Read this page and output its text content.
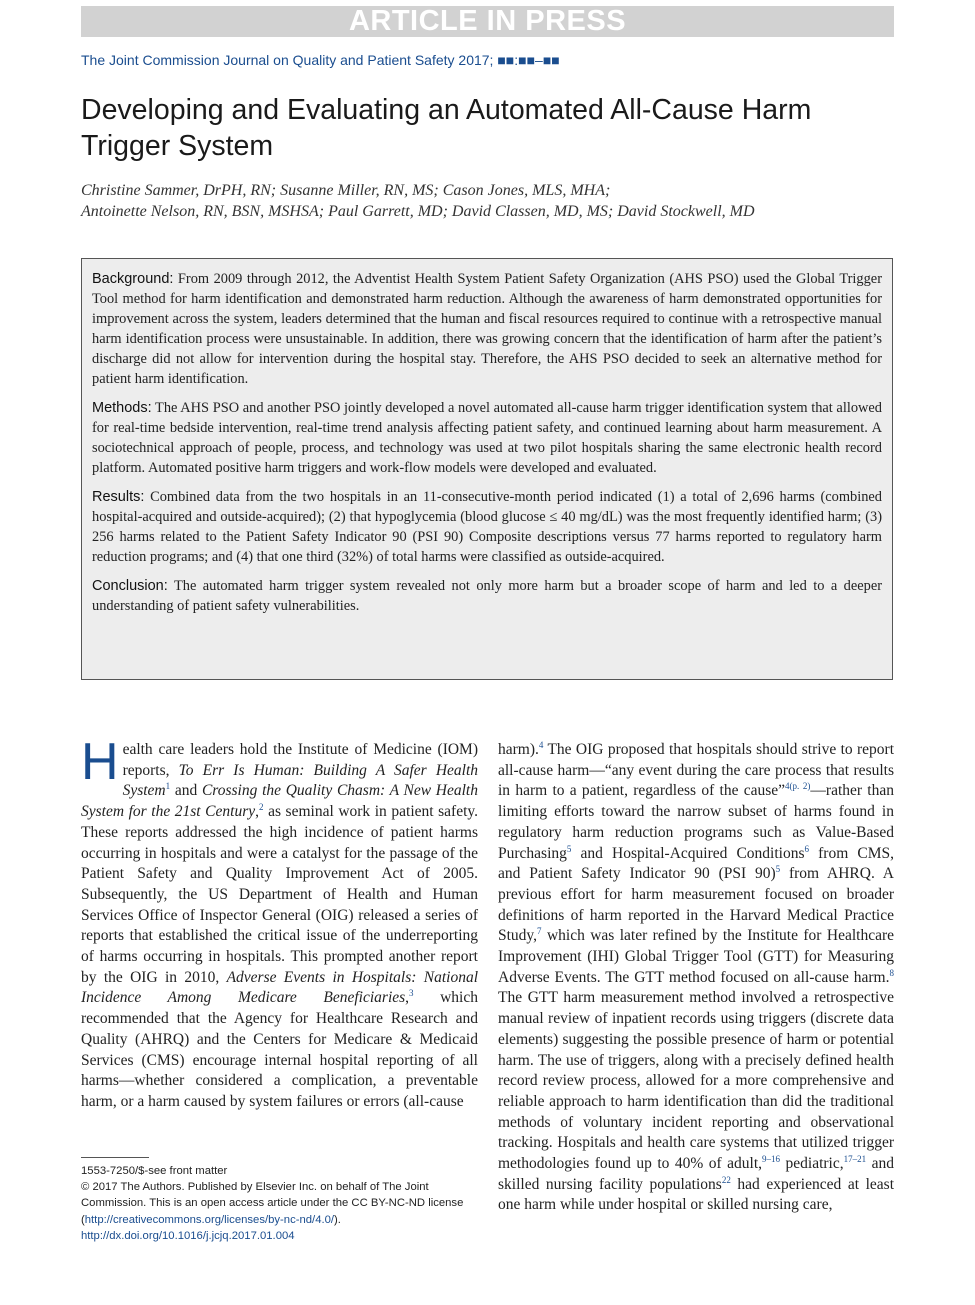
ARTICLE IN PRESS
The Joint Commission Journal on Quality and Patient Safety 2017; ■■:■■–■■
Developing and Evaluating an Automated All-Cause Harm Trigger System
Christine Sammer, DrPH, RN; Susanne Miller, RN, MS; Cason Jones, MLS, MHA;
Antoinette Nelson, RN, BSN, MSHSA; Paul Garrett, MD; David Classen, MD, MS; David Stockwell, MD

Background: From 2009 through 2012, the Adventist Health System Patient Safety Organization (AHS PSO) used the Global Trigger Tool method for harm identification and demonstrated harm reduction. Although the awareness of harm demonstrated opportunities for improvement across the system, leaders determined that the human and fiscal resources required to continue with a retrospective manual harm identification process were unsustainable. In addition, there was growing concern that the identification of harm after the patient’s discharge did not allow for intervention during the hospital stay. Therefore, the AHS PSO decided to seek an alternative method for patient harm identification.

Methods: The AHS PSO and another PSO jointly developed a novel automated all-cause harm trigger identification system that allowed for real-time bedside intervention, real-time trend analysis affecting patient safety, and continued learning about harm measurement. A sociotechnical approach of people, process, and technology was used at two pilot hospitals sharing the same electronic health record platform. Automated positive harm triggers and work-flow models were developed and evaluated.

Results: Combined data from the two hospitals in an 11-consecutive-month period indicated (1) a total of 2,696 harms (combined hospital-acquired and outside-acquired); (2) that hypoglycemia (blood glucose ≤ 40 mg/dL) was the most frequently identified harm; (3) 256 harms related to the Patient Safety Indicator 90 (PSI 90) Composite descriptions versus 77 harms reported to regulatory harm reduction programs; and (4) that one third (32%) of total harms were classified as outside-acquired.

Conclusion: The automated harm trigger system revealed not only more harm but a broader scope of harm and led to a deeper understanding of patient safety vulnerabilities.

Health care leaders hold the Institute of Medicine (IOM) reports, To Err Is Human: Building A Safer Health System$^1$ and Crossing the Quality Chasm: A New Health System for the 21st Century,$^2$ as seminal work in patient safety. These reports addressed the high incidence of patient harms occurring in hospitals and were a catalyst for the passage of the Patient Safety and Quality Improvement Act of 2005. Subsequently, the US Department of Health and Human Services Office of Inspector General (OIG) released a series of reports that established the critical issue of the underreporting of harms occurring in hospitals. This prompted another report by the OIG in 2010, Adverse Events in Hospitals: National Incidence Among Medicare Beneficiaries,$^3$ which recommended that the Agency for Healthcare Research and Quality (AHRQ) and the Centers for Medicare & Medicaid Services (CMS) encourage internal hospital reporting of all harms—whether considered a complication, a preventable harm, or a harm caused by system failures or errors (all-cause

harm).$^4$ The OIG proposed that hospitals should strive to report all-cause harm—“any event during the care process that results in harm to a patient, regardless of the cause”$^{4(p. 2)}$—rather than limiting efforts toward the narrow subset of harms found in regulatory harm reduction programs such as Value-Based Purchasing$^5$ and Hospital-Acquired Conditions$^6$ from CMS, and Patient Safety Indicator 90 (PSI 90)$^5$ from AHRQ. A previous effort for harm measurement focused on broader definitions of harm reported in the Harvard Medical Practice Study,$^7$ which was later refined by the Institute for Healthcare Improvement (IHI) Global Trigger Tool (GTT) for Measuring Adverse Events. The GTT method focused on all-cause harm.$^8$ The GTT harm measurement method involved a retrospective manual review of inpatient records using triggers (discrete data elements) suggesting the possible presence of harm or potential harm. The use of triggers, along with a precisely defined health record review process, allowed for a more comprehensive and reliable approach to harm identification than did the traditional methods of voluntary incident reporting and observational tracking. Hospitals and health care systems that utilized trigger methodologies found up to 40% of adult,$^{9-16}$ pediatric,$^{17-21}$ and skilled nursing facility populations$^{22}$ had experienced at least one harm while under hospital or skilled nursing care,

1553-7250/$-see front matter
© 2017 The Authors. Published by Elsevier Inc. on behalf of The Joint Commission. This is an open access article under the CC BY-NC-ND license (http://creativecommons.org/licenses/by-nc-nd/4.0/).
http://dx.doi.org/10.1016/j.jcjq.2017.01.004
